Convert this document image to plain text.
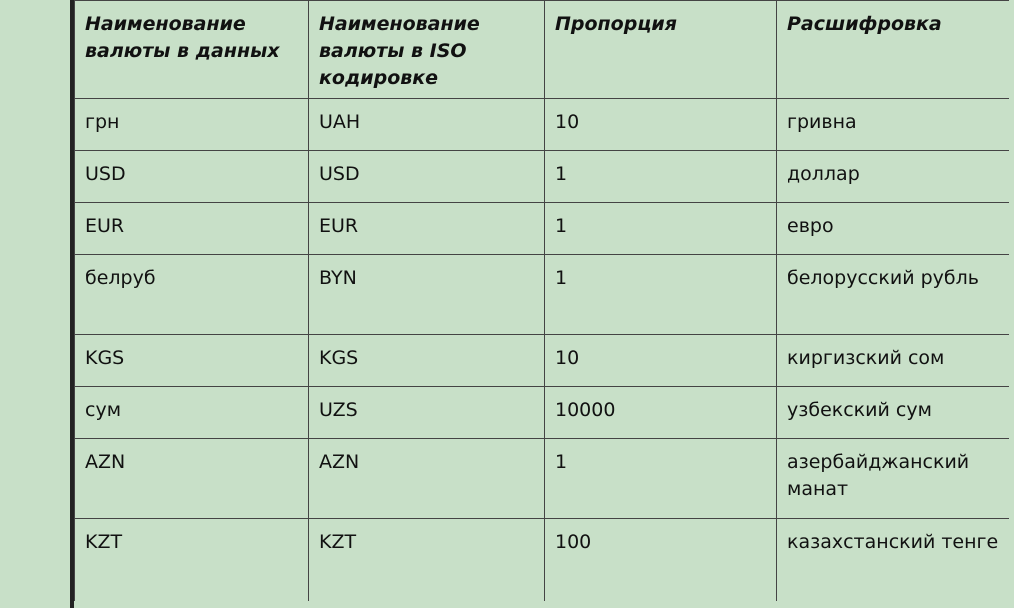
Наименование валюты в данных	Наименование валюты в ISO кодировке	Пропорция	Расшифровка
грн	UAH	10	гривна
USD	USD	1	доллар
EUR	EUR	1	евро
белруб	BYN	1	белорусский рубль
KGS	KGS	10	киргизский сом
сум	UZS	10000	узбекский сум
AZN	AZN	1	азербайджанский манат
KZT	KZT	100	казахстанский тенге
